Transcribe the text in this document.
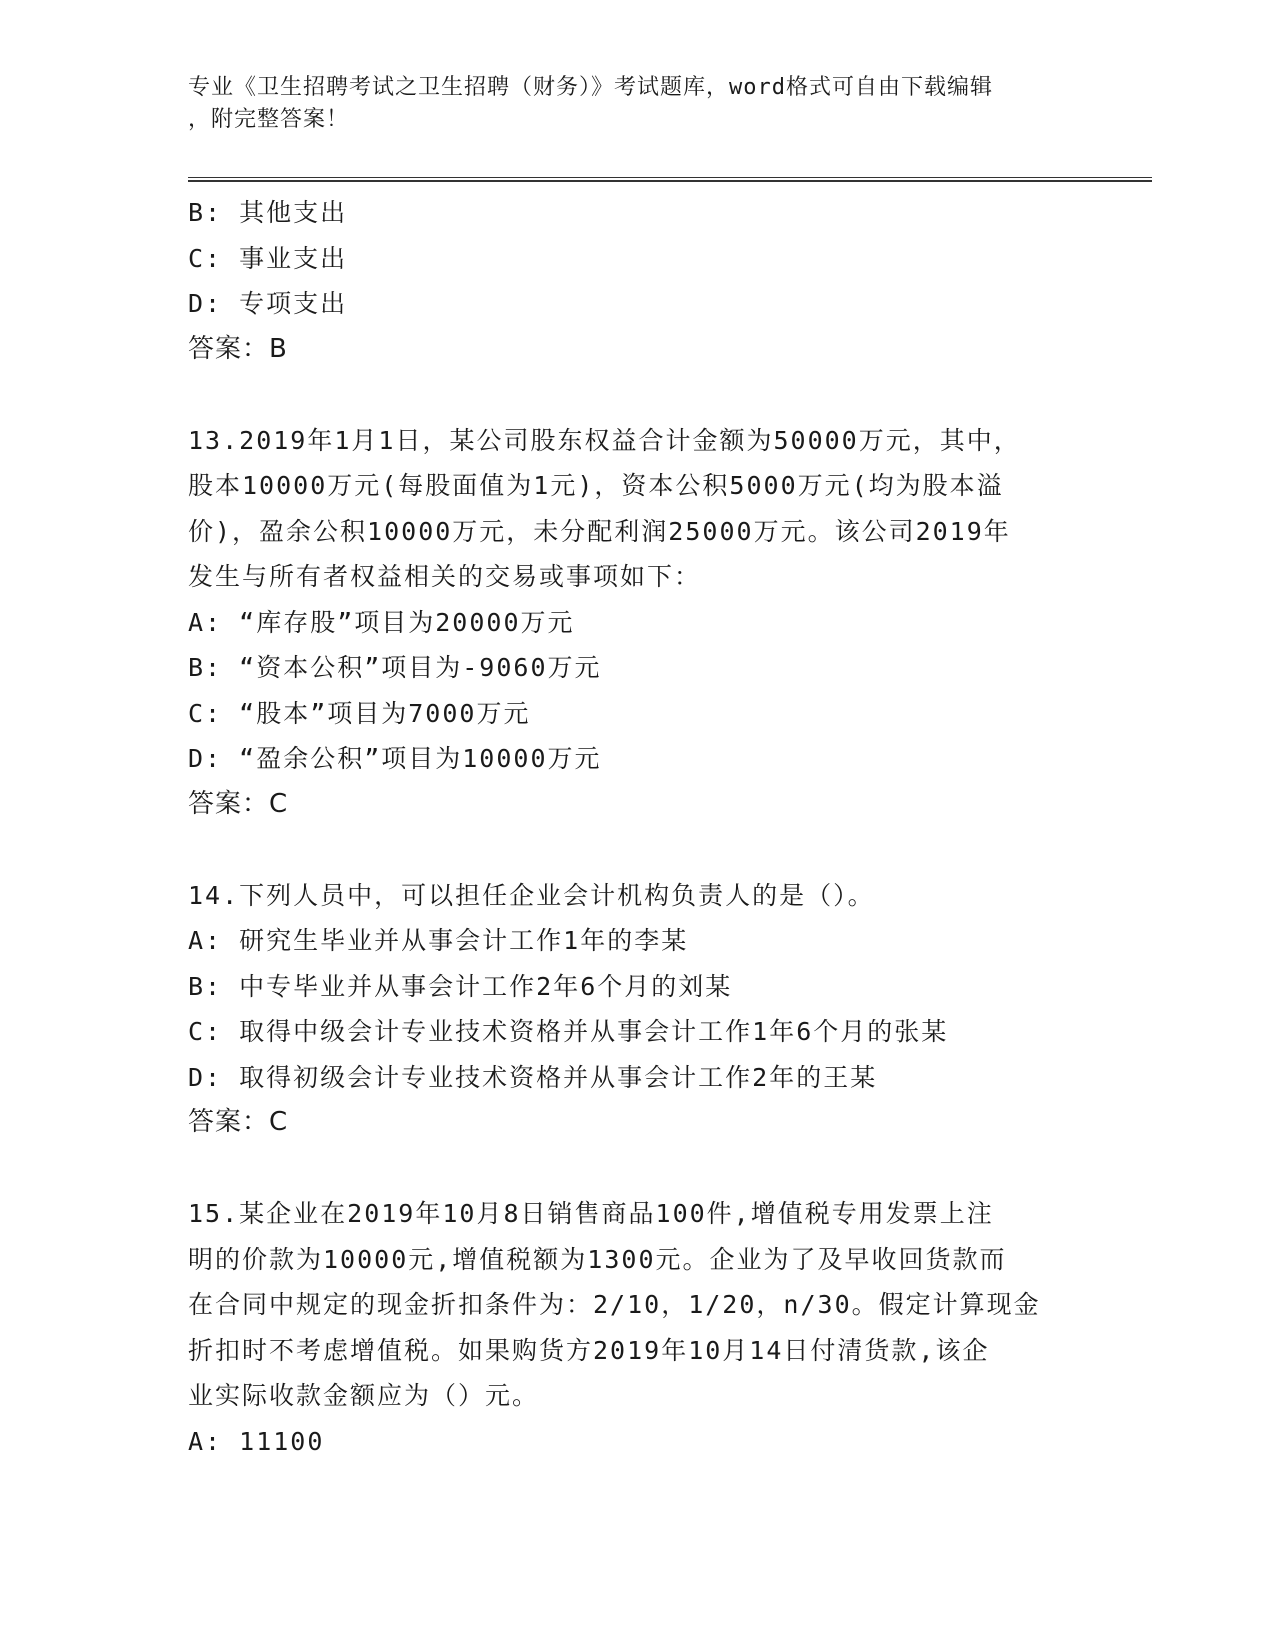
专业《卫生招聘考试之卫生招聘（财务）》考试题库，word格式可自由下载编辑
，附完整答案！
B: 其他支出
C: 事业支出
D: 专项支出
答案：B
13.2019年1月1日，某公司股东权益合计金额为50000万元，其中，
股本10000万元(每股面值为1元)，资本公积5000万元(均为股本溢
价)，盈余公积10000万元，未分配利润25000万元。该公司2019年
发生与所有者权益相关的交易或事项如下：
A: “库存股”项目为20000万元
B: “资本公积”项目为-9060万元
C: “股本”项目为7000万元
D: “盈余公积”项目为10000万元
答案：C
14.下列人员中，可以担任企业会计机构负责人的是（）。
A: 研究生毕业并从事会计工作1年的李某
B: 中专毕业并从事会计工作2年6个月的刘某
C: 取得中级会计专业技术资格并从事会计工作1年6个月的张某
D: 取得初级会计专业技术资格并从事会计工作2年的王某
答案：C
15.某企业在2019年10月8日销售商品100件,增值税专用发票上注
明的价款为10000元,增值税额为1300元。企业为了及早收回货款而
在合同中规定的现金折扣条件为：2/10，1/20，n/30。假定计算现金
折扣时不考虑增值税。如果购货方2019年10月14日付清货款,该企
业实际收款金额应为（）元。
A: 11100
